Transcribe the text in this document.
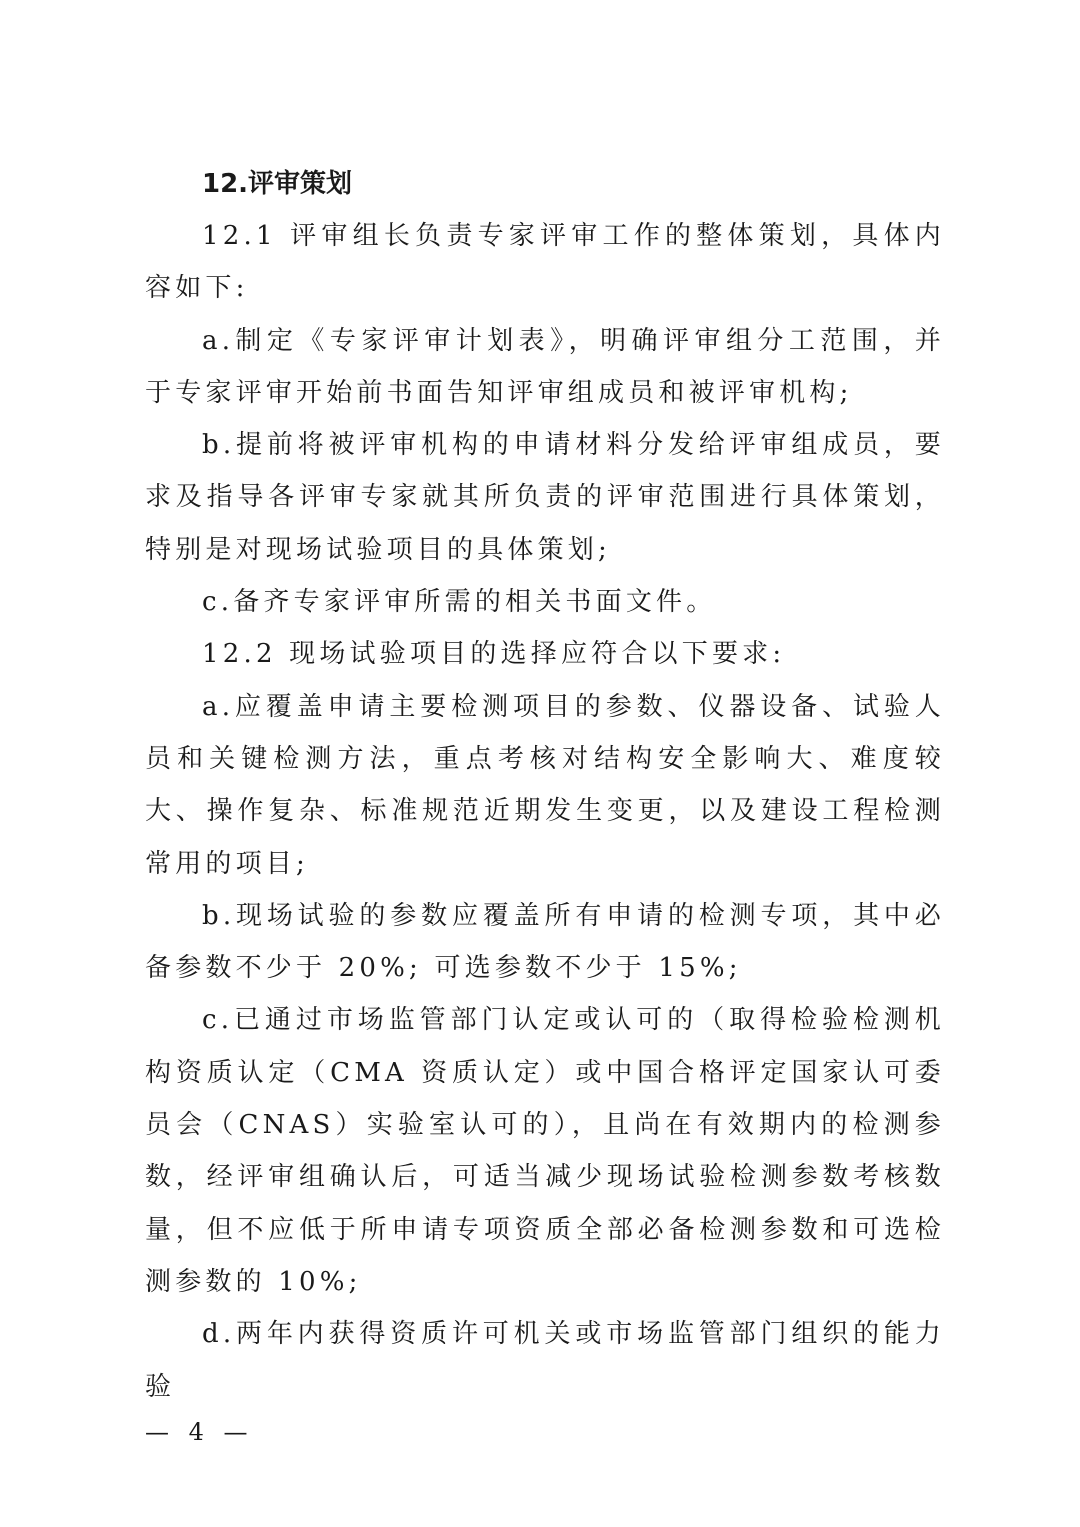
12.评审策划

12.1 评审组长负责专家评审工作的整体策划，具体内容如下:

a.制定《专家评审计划表》，明确评审组分工范围，并于专家评审开始前书面告知评审组成员和被评审机构;

b.提前将被评审机构的申请材料分发给评审组成员，要求及指导各评审专家就其所负责的评审范围进行具体策划，特别是对现场试验项目的具体策划;

c.备齐专家评审所需的相关书面文件。

12.2 现场试验项目的选择应符合以下要求:

a.应覆盖申请主要检测项目的参数、仪器设备、试验人员和关键检测方法，重点考核对结构安全影响大、难度较大、操作复杂、标准规范近期发生变更，以及建设工程检测常用的项目;

b.现场试验的参数应覆盖所有申请的检测专项，其中必备参数不少于 20%; 可选参数不少于 15%;

c.已通过市场监管部门认定或认可的（取得检验检测机构资质认定（CMA 资质认定）或中国合格评定国家认可委员会（CNAS）实验室认可的），且尚在有效期内的检测参数，经评审组确认后，可适当减少现场试验检测参数考核数量，但不应低于所申请专项资质全部必备检测参数和可选检测参数的 10%;

d.两年内获得资质许可机关或市场监管部门组织的能力验

— 4 —
